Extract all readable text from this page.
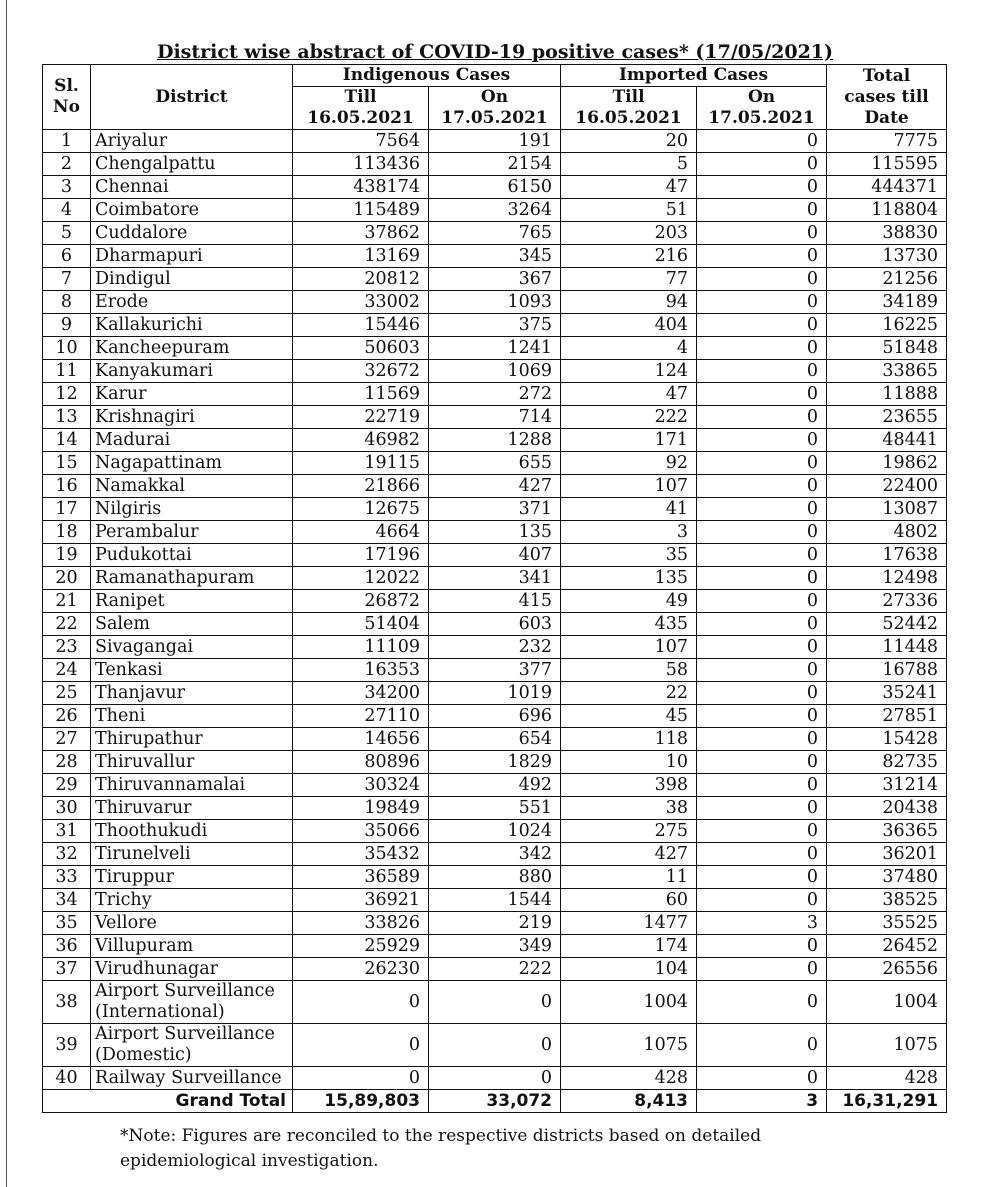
District wise abstract of COVID-19 positive cases* (17/05/2021)
Sl.
No	District	Indigenous Cases		Imported Cases		Total
cases till
Date
		Till	On	Till	On	
		16.05.2021	17.05.2021	16.05.2021	17.05.2021	
1	Ariyalur	7564	191	20	0	7775
2	Chengalpattu	113436	2154	5	0	115595
3	Chennai	438174	6150	47	0	444371
4	Coimbatore	115489	3264	51	0	118804
5	Cuddalore	37862	765	203	0	38830
6	Dharmapuri	13169	345	216	0	13730
7	Dindigul	20812	367	77	0	21256
8	Erode	33002	1093	94	0	34189
9	Kallakurichi	15446	375	404	0	16225
10	Kancheepuram	50603	1241	4	0	51848
11	Kanyakumari	32672	1069	124	0	33865
12	Karur	11569	272	47	0	11888
13	Krishnagiri	22719	714	222	0	23655
14	Madurai	46982	1288	171	0	48441
15	Nagapattinam	19115	655	92	0	19862
16	Namakkal	21866	427	107	0	22400
17	Nilgiris	12675	371	41	0	13087
18	Perambalur	4664	135	3	0	4802
19	Pudukottai	17196	407	35	0	17638
20	Ramanathapuram	12022	341	135	0	12498
21	Ranipet	26872	415	49	0	27336
22	Salem	51404	603	435	0	52442
23	Sivagangai	11109	232	107	0	11448
24	Tenkasi	16353	377	58	0	16788
25	Thanjavur	34200	1019	22	0	35241
26	Theni	27110	696	45	0	27851
27	Thirupathur	14656	654	118	0	15428
28	Thiruvallur	80896	1829	10	0	82735
29	Thiruvannamalai	30324	492	398	0	31214
30	Thiruvarur	19849	551	38	0	20438
31	Thoothukudi	35066	1024	275	0	36365
32	Tirunelveli	35432	342	427	0	36201
33	Tiruppur	36589	880	11	0	37480
34	Trichy	36921	1544	60	0	38525
35	Vellore	33826	219	1477	3	35525
36	Villupuram	25929	349	174	0	26452
37	Virudhunagar	26230	222	104	0	26556
38	Airport Surveillance (International)	0	0	1004	0	1004
39	Airport Surveillance (Domestic)	0	0	1075	0	1075
40	Railway Surveillance	0	0	428	0	428
Grand Total		15,89,803	33,072	8,413	3	16,31,291
*Note: Figures are reconciled to the respective districts based on detailed epidemiological investigation.
